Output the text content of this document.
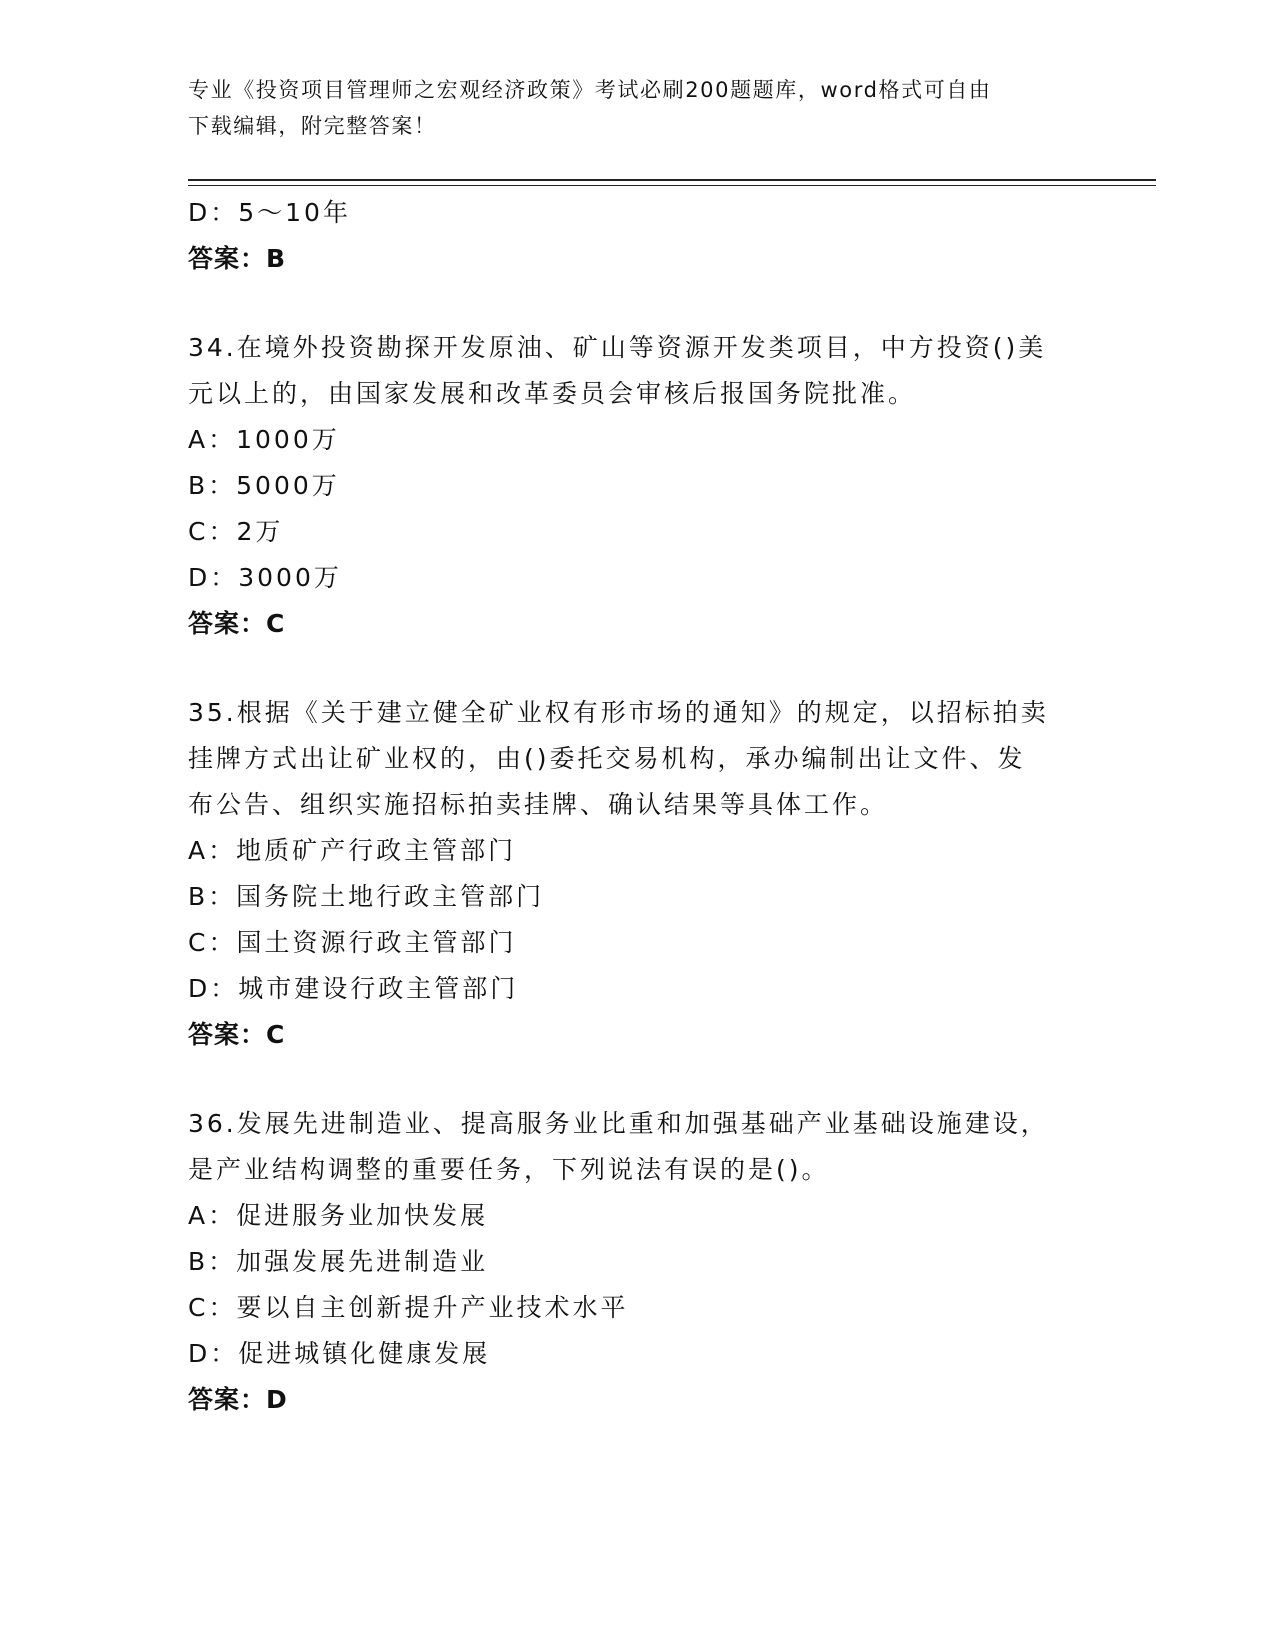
专业《投资项目管理师之宏观经济政策》考试必刷200题题库，word格式可自由
下载编辑，附完整答案！
D：5～10年
答案：B
34.在境外投资勘探开发原油、矿山等资源开发类项目，中方投资()美
元以上的，由国家发展和改革委员会审核后报国务院批准。
A：1000万
B：5000万
C：2万
D：3000万
答案：C
35.根据《关于建立健全矿业权有形市场的通知》的规定，以招标拍卖
挂牌方式出让矿业权的，由()委托交易机构，承办编制出让文件、发
布公告、组织实施招标拍卖挂牌、确认结果等具体工作。
A：地质矿产行政主管部门
B：国务院土地行政主管部门
C：国土资源行政主管部门
D：城市建设行政主管部门
答案：C
36.发展先进制造业、提高服务业比重和加强基础产业基础设施建设，
是产业结构调整的重要任务，下列说法有误的是()。
A：促进服务业加快发展
B：加强发展先进制造业
C：要以自主创新提升产业技术水平
D：促进城镇化健康发展
答案：D
